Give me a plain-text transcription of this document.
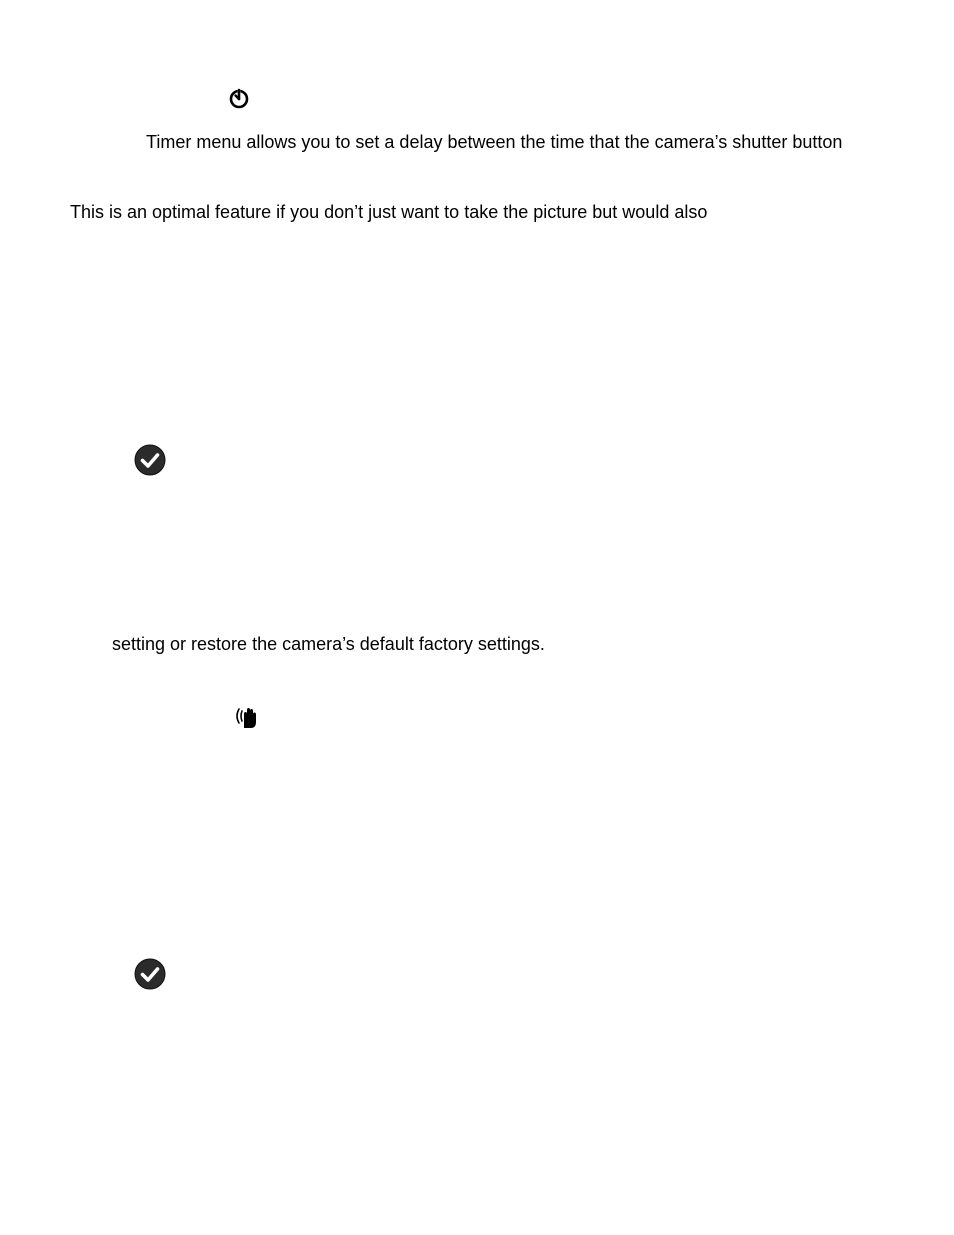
Timer menu allows you to set a delay between the time that the camera’s shutter button
This is an optimal feature if you don’t just want to take the picture but would also
setting or restore the camera’s default factory settings.
